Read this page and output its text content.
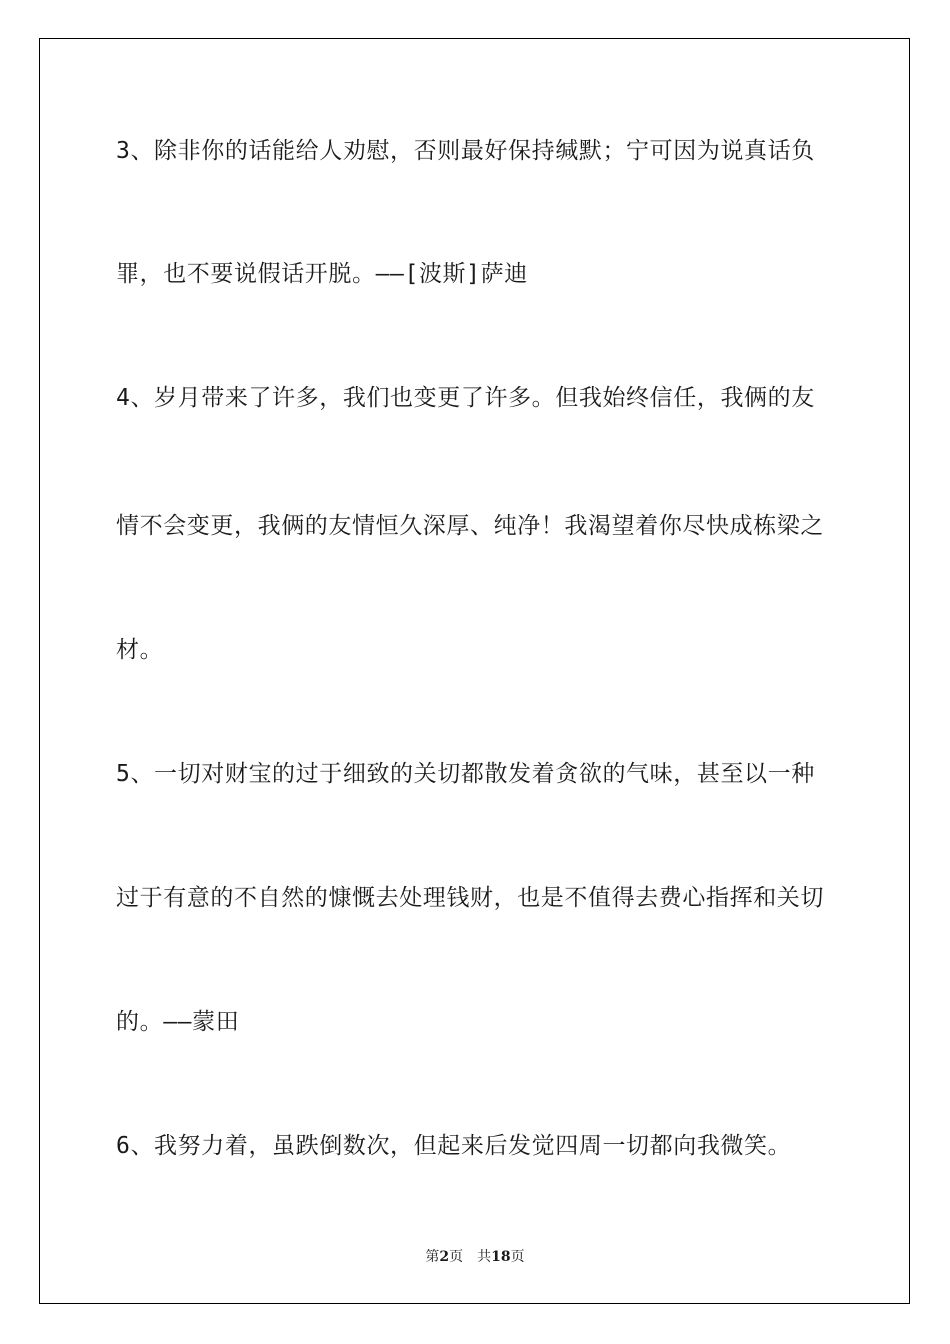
3、除非你的话能给人劝慰，否则最好保持缄默；宁可因为说真话负
罪，也不要说假话开脱。——[波斯]萨迪
4、岁月带来了许多，我们也变更了许多。但我始终信任，我俩的友
情不会变更，我俩的友情恒久深厚、纯净！我渴望着你尽快成栋梁之
材。
5、一切对财宝的过于细致的关切都散发着贪欲的气味，甚至以一种
过于有意的不自然的慷慨去处理钱财，也是不值得去费心指挥和关切
的。——蒙田
6、我努力着，虽跌倒数次，但起来后发觉四周一切都向我微笑。
第2页　共18页
